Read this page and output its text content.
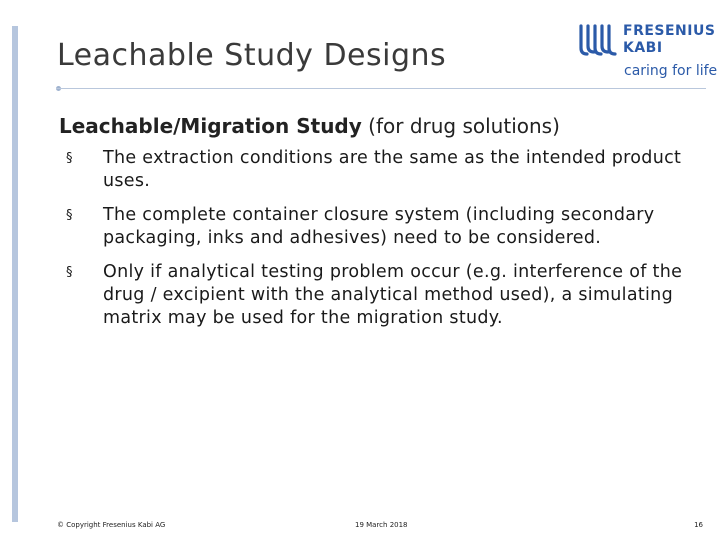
Leachable Study Designs
FRESENIUS
KABI
caring for life
Leachable/Migration Study (for drug solutions)
§ The extraction conditions are the same as the intended product uses.
§ The complete container closure system (including secondary packaging, inks and adhesives) need to be considered.
§ Only if analytical testing problem occur (e.g. interference of the drug / excipient with the analytical method used), a simulating matrix may be used for the migration study.
© Copyright Fresenius Kabi AG	19 March 2018	16
